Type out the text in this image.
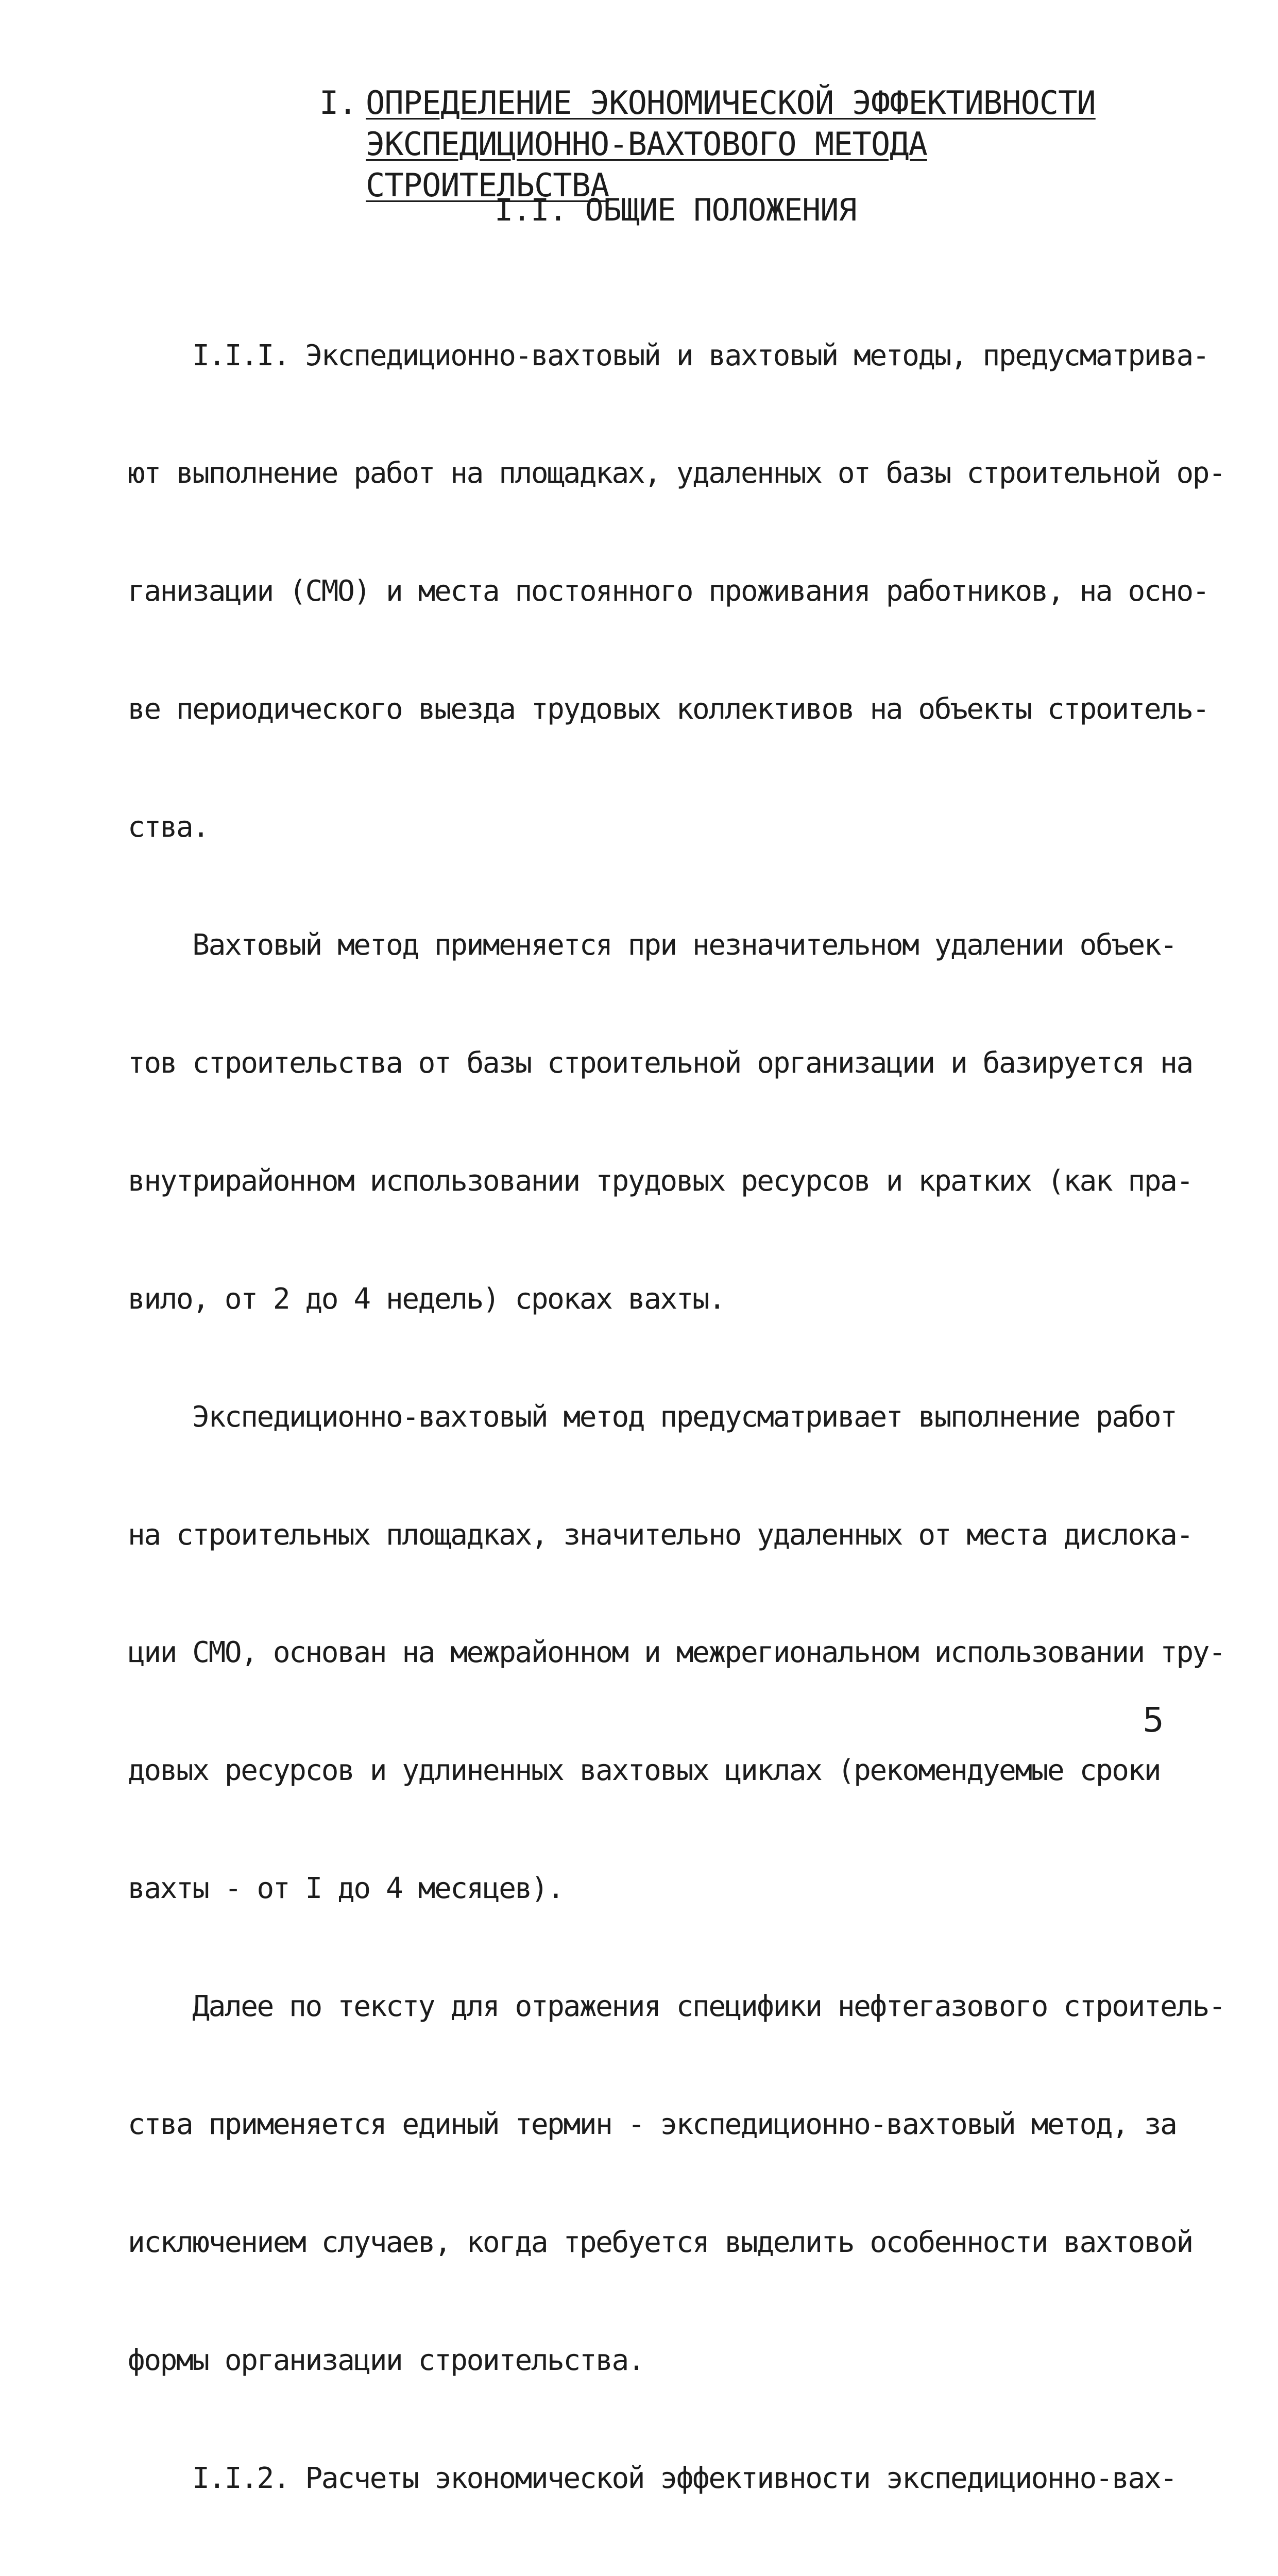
I. ОПРЕДЕЛЕНИЕ ЭКОНОМИЧЕСКОЙ ЭФФЕКТИВНОСТИ
ЭКСПЕДИЦИОННО-ВАХТОВОГО МЕТОДА СТРОИТЕЛЬСТВА
I.I. ОБЩИЕ ПОЛОЖЕНИЯ

I.I.I. Экспедиционно-вахтовый и вахтовый методы, предусматрива-

ют выполнение работ на площадках, удаленных от базы строительной ор-

ганизации (СМО) и места постоянного проживания работников, на осно-

ве периодического выезда трудовых коллективов на объекты строитель-

ства.

Вахтовый метод применяется при незначительном удалении объек-

тов строительства от базы строительной организации и базируется на

внутрирайонном использовании трудовых ресурсов и кратких (как пра-

вило, от 2 до 4 недель) сроках вахты.

Экспедиционно-вахтовый метод предусматривает выполнение работ

на строительных площадках, значительно удаленных от места дислока-

ции СМО, основан на межрайонном и межрегиональном использовании тру-

довых ресурсов и удлиненных вахтовых циклах (рекомендуемые сроки

вахты - от I до 4 месяцев).

Далее по тексту для отражения специфики нефтегазового строитель-

ства применяется единый термин - экспедиционно-вахтовый метод, за

исключением случаев, когда требуется выделить особенности вахтовой

формы организации строительства.

I.I.2. Расчеты экономической эффективности экспедиционно-вах-

5
